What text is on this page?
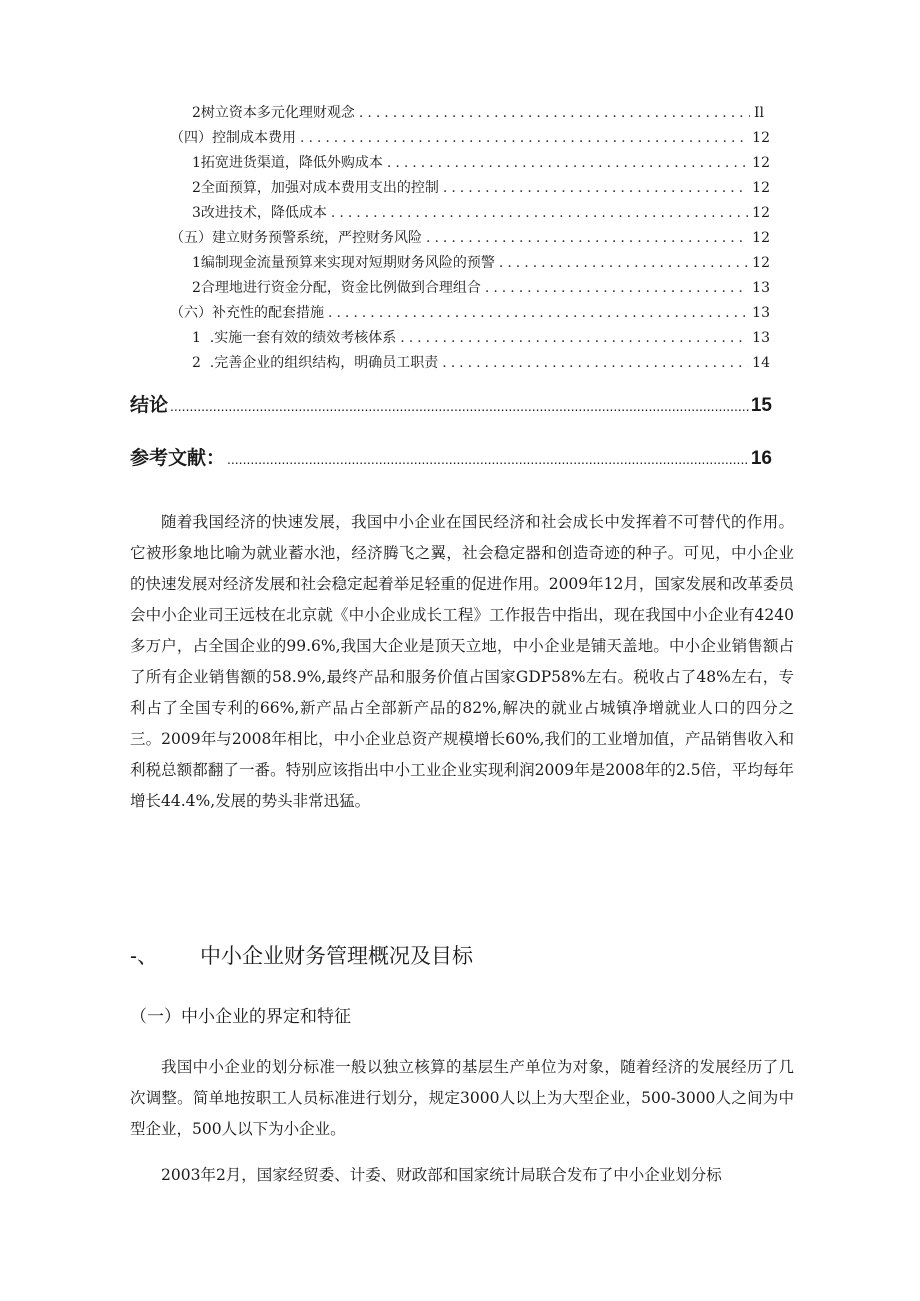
2树立资本多元化理财观念 .....	Il
（四）控制成本费用 .....	12
1拓宽进货渠道，降低外购成本 .....	12
2全面预算，加强对成本费用支出的控制 .....	12
3改进技术，降低成本 .....	12
（五）建立财务预警系统，严控财务风险 .....	12
1编制现金流量预算来实现对短期财务风险的预警 .....	12
2合理地进行资金分配，资金比例做到合理组合 .....	13
（六）补充性的配套措施 .....	13
1  .实施一套有效的绩效考核体系 .....	13
2  .完善企业的组织结构，明确员工职责 .....	14
结论 .....	15
参考文献： .....	16

随着我国经济的快速发展，我国中小企业在国民经济和社会成长中发挥着不可替代的作用。它被形象地比喻为就业蓄水池，经济腾飞之翼，社会稳定器和创造奇迹的种子。可见，中小企业的快速发展对经济发展和社会稳定起着举足轻重的促进作用。2009年12月，国家发展和改革委员会中小企业司王远枝在北京就《中小企业成长工程》工作报告中指出，现在我国中小企业有4240多万户，占全国企业的99.6%,我国大企业是顶天立地，中小企业是铺天盖地。中小企业销售额占了所有企业销售额的58.9%,最终产品和服务价值占国家GDP58%左右。税收占了48%左右，专利占了全国专利的66%,新产品占全部新产品的82%,解决的就业占城镇净增就业人口的四分之三。2009年与2008年相比，中小企业总资产规模增长60%,我们的工业增加值，产品销售收入和利税总额都翻了一番。特别应该指出中小工业企业实现利润2009年是2008年的2.5倍，平均每年增长44.4%,发展的势头非常迅猛。

-、 中小企业财务管理概况及目标
（一）中小企业的界定和特征

我国中小企业的划分标准一般以独立核算的基层生产单位为对象，随着经济的发展经历了几次调整。简单地按职工人员标准进行划分，规定3000人以上为大型企业，500-3000人之间为中型企业，500人以下为小企业。

2003年2月，国家经贸委、计委、财政部和国家统计局联合发布了中小企业划分标
